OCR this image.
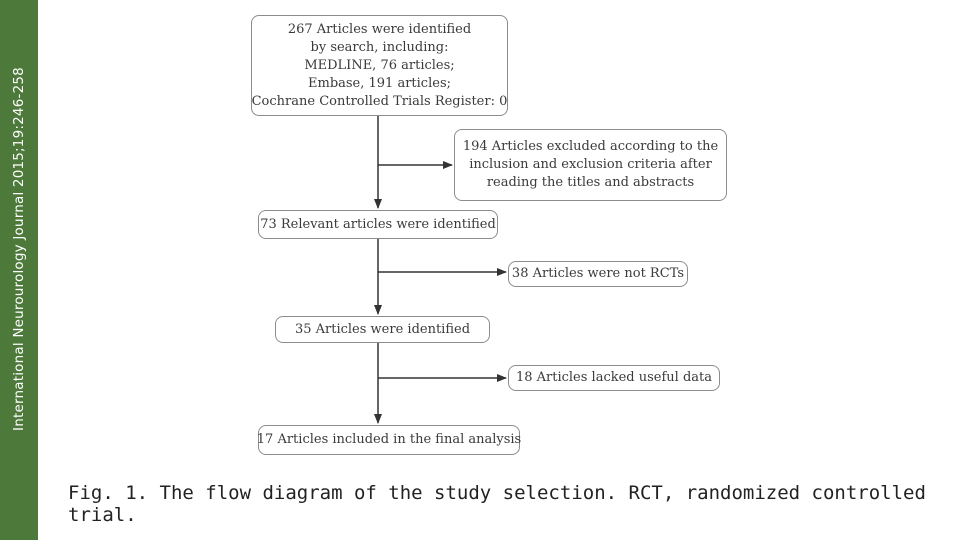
International Neurourology Journal 2015;19:246-258
267 Articles were identified
by search, including:
MEDLINE, 76 articles;
Embase, 191 articles;
Cochrane Controlled Trials Register: 0
194 Articles excluded according to the
inclusion and exclusion criteria after
reading the titles and abstracts
73 Relevant articles were identified
38 Articles were not RCTs
35 Articles were identified
18 Articles lacked useful data
17 Articles included in the final analysis
Fig. 1. The flow diagram of the study selection. RCT, randomized controlled trial.
